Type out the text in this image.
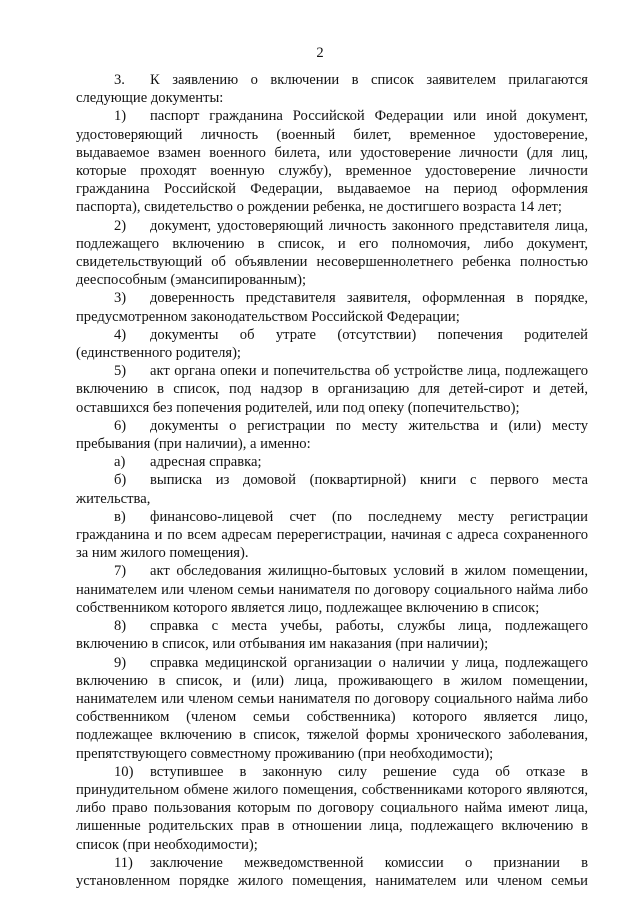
2

3. К заявлению о включении в список заявителем прилагаются следующие документы:

1) паспорт гражданина Российской Федерации или иной документ, удостоверяющий личность (военный билет, временное удостоверение, выдаваемое взамен военного билета, или удостоверение личности (для лиц, которые проходят военную службу), временное удостоверение личности гражданина Российской Федерации, выдаваемое на период оформления паспорта), свидетельство о рождении ребенка, не достигшего возраста 14 лет;

2) документ, удостоверяющий личность законного представителя лица, подлежащего включению в список, и его полномочия, либо документ, свидетельствующий об объявлении несовершеннолетнего ребенка полностью дееспособным (эмансипированным);

3) доверенность представителя заявителя, оформленная в порядке, предусмотренном законодательством Российской Федерации;

4) документы об утрате (отсутствии) попечения родителей (единственного родителя);

5) акт органа опеки и попечительства об устройстве лица, подлежащего включению в список, под надзор в организацию для детей-сирот и детей, оставшихся без попечения родителей, или под опеку (попечительство);

6) документы о регистрации по месту жительства и (или) месту пребывания (при наличии), а именно:

а) адресная справка;

б) выписка из домовой (поквартирной) книги с первого места жительства,

в) финансово-лицевой счет (по последнему месту регистрации гражданина и по всем адресам перерегистрации, начиная с адреса сохраненного за ним жилого помещения).

7) акт обследования жилищно-бытовых условий в жилом помещении, нанимателем или членом семьи нанимателя по договору социального найма либо собственником которого является лицо, подлежащее включению в список;

8) справка с места учебы, работы, службы лица, подлежащего включению в список, или отбывания им наказания (при наличии);

9) справка медицинской организации о наличии у лица, подлежащего включению в список, и (или) лица, проживающего в жилом помещении, нанимателем или членом семьи нанимателя по договору социального найма либо собственником (членом семьи собственника) которого является лицо, подлежащее включению в список, тяжелой формы хронического заболевания, препятствующего совместному проживанию (при необходимости);

10) вступившее в законную силу решение суда об отказе в принудительном обмене жилого помещения, собственниками которого являются, либо право пользования которым по договору социального найма имеют лица, лишенные родительских прав в отношении лица, подлежащего включению в список (при необходимости);

11) заключение межведомственной комиссии о признании в установленном порядке жилого помещения, нанимателем или членом семьи
